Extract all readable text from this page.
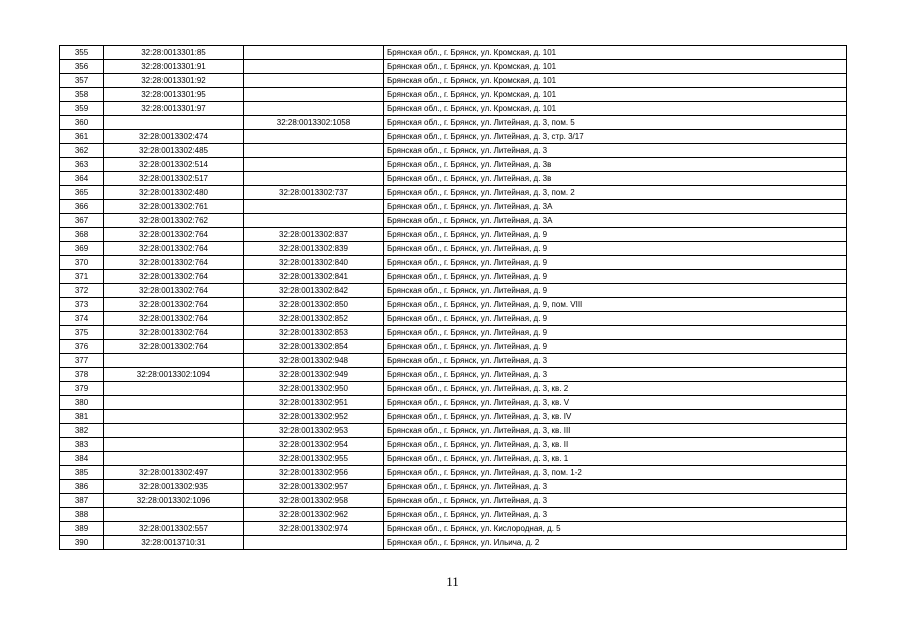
355	32:28:0013301:85		Брянская обл., г. Брянск, ул. Кромская, д. 101
356	32:28:0013301:91		Брянская обл., г. Брянск, ул. Кромская, д. 101
357	32:28:0013301:92		Брянская обл., г. Брянск, ул. Кромская, д. 101
358	32:28:0013301:95		Брянская обл., г. Брянск, ул. Кромская, д. 101
359	32:28:0013301:97		Брянская обл., г. Брянск, ул. Кромская, д. 101
360		32:28:0013302:1058	Брянская обл., г. Брянск, ул. Литейная, д. 3, пом. 5
361	32:28:0013302:474		Брянская обл., г. Брянск, ул. Литейная, д. 3, стр. 3/17
362	32:28:0013302:485		Брянская обл., г. Брянск, ул. Литейная, д. 3
363	32:28:0013302:514		Брянская обл., г. Брянск, ул. Литейная, д. 3в
364	32:28:0013302:517		Брянская обл., г. Брянск, ул. Литейная, д. 3в
365	32:28:0013302:480	32:28:0013302:737	Брянская обл., г. Брянск, ул. Литейная, д. 3, пом. 2
366	32:28:0013302:761		Брянская обл., г. Брянск, ул. Литейная, д. 3А
367	32:28:0013302:762		Брянская обл., г. Брянск, ул. Литейная, д. 3А
368	32:28:0013302:764	32:28:0013302:837	Брянская обл., г. Брянск, ул. Литейная, д. 9
369	32:28:0013302:764	32:28:0013302:839	Брянская обл., г. Брянск, ул. Литейная, д. 9
370	32:28:0013302:764	32:28:0013302:840	Брянская обл., г. Брянск, ул. Литейная, д. 9
371	32:28:0013302:764	32:28:0013302:841	Брянская обл., г. Брянск, ул. Литейная, д. 9
372	32:28:0013302:764	32:28:0013302:842	Брянская обл., г. Брянск, ул. Литейная, д. 9
373	32:28:0013302:764	32:28:0013302:850	Брянская обл., г. Брянск, ул. Литейная, д. 9, пом. VIII
374	32:28:0013302:764	32:28:0013302:852	Брянская обл., г. Брянск, ул. Литейная, д. 9
375	32:28:0013302:764	32:28:0013302:853	Брянская обл., г. Брянск, ул. Литейная, д. 9
376	32:28:0013302:764	32:28:0013302:854	Брянская обл., г. Брянск, ул. Литейная, д. 9
377		32:28:0013302:948	Брянская обл., г. Брянск, ул. Литейная, д. 3
378	32:28:0013302:1094	32:28:0013302:949	Брянская обл., г. Брянск, ул. Литейная, д. 3
379		32:28:0013302:950	Брянская обл., г. Брянск, ул. Литейная, д. 3, кв. 2
380		32:28:0013302:951	Брянская обл., г. Брянск, ул. Литейная, д. 3, кв. V
381		32:28:0013302:952	Брянская обл., г. Брянск, ул. Литейная, д. 3, кв. IV
382		32:28:0013302:953	Брянская обл., г. Брянск, ул. Литейная, д. 3, кв. III
383		32:28:0013302:954	Брянская обл., г. Брянск, ул. Литейная, д. 3, кв. II
384		32:28:0013302:955	Брянская обл., г. Брянск, ул. Литейная, д. 3, кв. 1
385	32:28:0013302:497	32:28:0013302:956	Брянская обл., г. Брянск, ул. Литейная, д. 3, пом. 1-2
386	32:28:0013302:935	32:28:0013302:957	Брянская обл., г. Брянск, ул. Литейная, д. 3
387	32:28:0013302:1096	32:28:0013302:958	Брянская обл., г. Брянск, ул. Литейная, д. 3
388		32:28:0013302:962	Брянская обл., г. Брянск, ул. Литейная, д. 3
389	32:28:0013302:557	32:28:0013302:974	Брянская обл., г. Брянск, ул. Кислородная, д. 5
390	32:28:0013710:31		Брянская обл., г. Брянск, ул. Ильича, д. 2
11
